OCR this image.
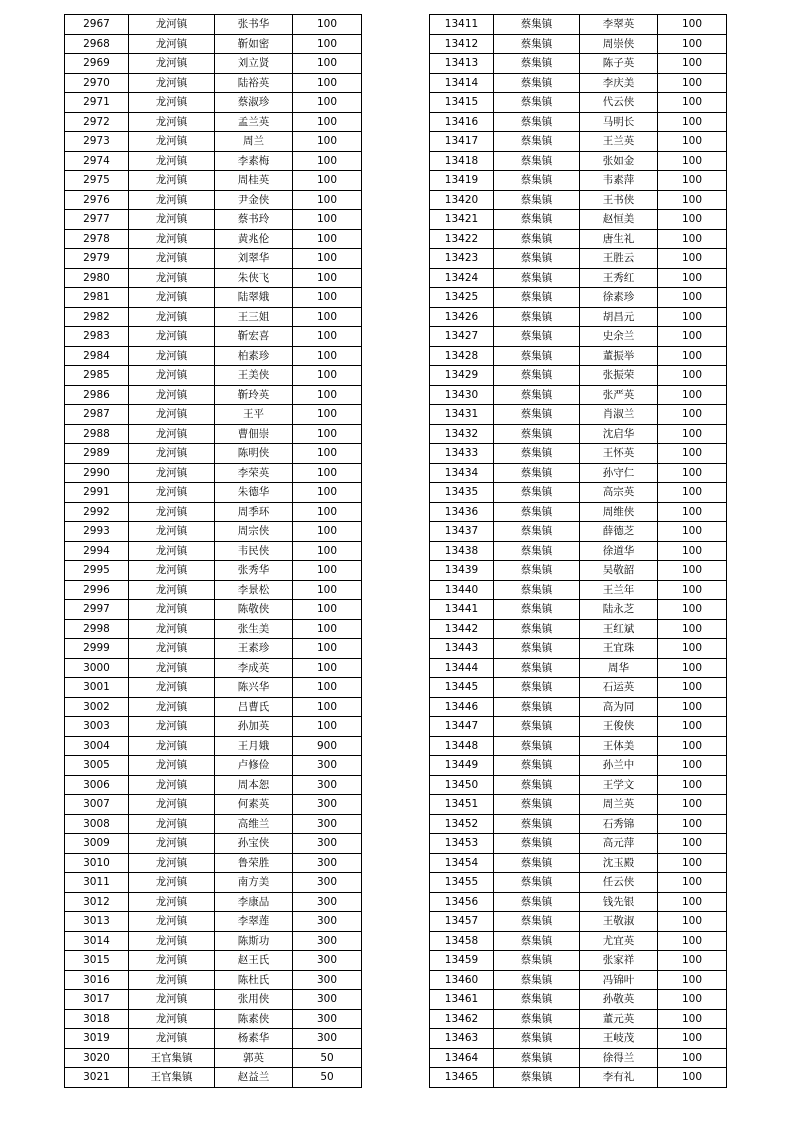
2967	龙河镇	张书华	100
2968	龙河镇	靳如密	100
2969	龙河镇	刘立贤	100
2970	龙河镇	陆裕英	100
2971	龙河镇	蔡淑珍	100
2972	龙河镇	孟兰英	100
2973	龙河镇	周兰	100
2974	龙河镇	李素梅	100
2975	龙河镇	周桂英	100
2976	龙河镇	尹金侠	100
2977	龙河镇	蔡书玲	100
2978	龙河镇	黄兆伦	100
2979	龙河镇	刘翠华	100
2980	龙河镇	朱侠飞	100
2981	龙河镇	陆翠娥	100
2982	龙河镇	王三姐	100
2983	龙河镇	靳宏喜	100
2984	龙河镇	柏素珍	100
2985	龙河镇	王美侠	100
2986	龙河镇	靳玲英	100
2987	龙河镇	王平	100
2988	龙河镇	曹佃崇	100
2989	龙河镇	陈明侠	100
2990	龙河镇	李荣英	100
2991	龙河镇	朱德华	100
2992	龙河镇	周季环	100
2993	龙河镇	周宗侠	100
2994	龙河镇	韦民侠	100
2995	龙河镇	张秀华	100
2996	龙河镇	李景松	100
2997	龙河镇	陈敬侠	100
2998	龙河镇	张生美	100
2999	龙河镇	王素珍	100
3000	龙河镇	李成英	100
3001	龙河镇	陈兴华	100
3002	龙河镇	吕曹氏	100
3003	龙河镇	孙加英	100
3004	龙河镇	王月娥	900
3005	龙河镇	卢修俭	300
3006	龙河镇	周本恕	300
3007	龙河镇	何素英	300
3008	龙河镇	高维兰	300
3009	龙河镇	孙宝侠	300
3010	龙河镇	鲁荣胜	300
3011	龙河镇	南方美	300
3012	龙河镇	李康品	300
3013	龙河镇	李翠莲	300
3014	龙河镇	陈斯功	300
3015	龙河镇	赵王氏	300
3016	龙河镇	陈杜氏	300
3017	龙河镇	张用侠	300
3018	龙河镇	陈素侠	300
3019	龙河镇	杨素华	300
3020	王官集镇	郭英	50
3021	王官集镇	赵益兰	50
13411	蔡集镇	李翠英	100
13412	蔡集镇	周崇侠	100
13413	蔡集镇	陈子英	100
13414	蔡集镇	李庆美	100
13415	蔡集镇	代云侠	100
13416	蔡集镇	马明长	100
13417	蔡集镇	王兰英	100
13418	蔡集镇	张如金	100
13419	蔡集镇	韦素萍	100
13420	蔡集镇	王书侠	100
13421	蔡集镇	赵恒美	100
13422	蔡集镇	唐生礼	100
13423	蔡集镇	王胜云	100
13424	蔡集镇	王秀红	100
13425	蔡集镇	徐素珍	100
13426	蔡集镇	胡昌元	100
13427	蔡集镇	史余兰	100
13428	蔡集镇	董振举	100
13429	蔡集镇	张振荣	100
13430	蔡集镇	张严英	100
13431	蔡集镇	肖淑兰	100
13432	蔡集镇	沈启华	100
13433	蔡集镇	王怀英	100
13434	蔡集镇	孙守仁	100
13435	蔡集镇	高宗英	100
13436	蔡集镇	周维侠	100
13437	蔡集镇	薛德芝	100
13438	蔡集镇	徐道华	100
13439	蔡集镇	吴敬韶	100
13440	蔡集镇	王兰年	100
13441	蔡集镇	陆永芝	100
13442	蔡集镇	王红斌	100
13443	蔡集镇	王宜珠	100
13444	蔡集镇	周华	100
13445	蔡集镇	石运英	100
13446	蔡集镇	高为同	100
13447	蔡集镇	王俊侠	100
13448	蔡集镇	王体美	100
13449	蔡集镇	孙兰中	100
13450	蔡集镇	王学文	100
13451	蔡集镇	周兰英	100
13452	蔡集镇	石秀锦	100
13453	蔡集镇	高元萍	100
13454	蔡集镇	沈玉殿	100
13455	蔡集镇	任云侠	100
13456	蔡集镇	钱先银	100
13457	蔡集镇	王敬淑	100
13458	蔡集镇	尤宜英	100
13459	蔡集镇	张家祥	100
13460	蔡集镇	冯锦叶	100
13461	蔡集镇	孙敬英	100
13462	蔡集镇	董元英	100
13463	蔡集镇	王岐茂	100
13464	蔡集镇	徐得兰	100
13465	蔡集镇	李有礼	100
